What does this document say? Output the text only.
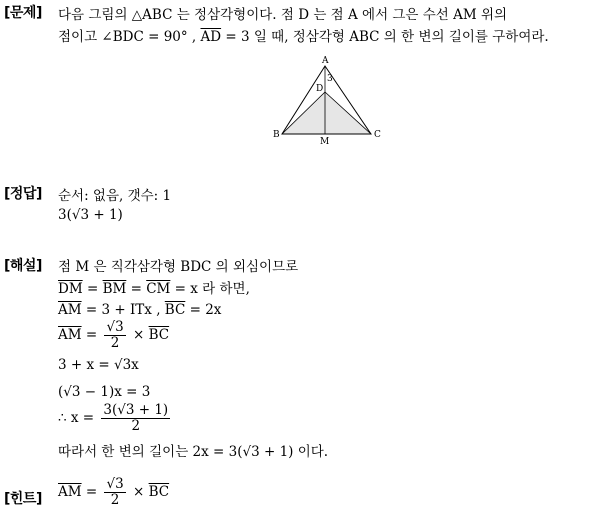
[문제] 다음 그림의 △ABC 는 정삼각형이다. 점 D 는 점 A 에서 그은 수선 AM 위의
점이고 ∠BDC = 90° , $\overline{AD} = 3$ 일 때, 정삼각형 ABC 의 한 변의 길이를 구하여라.
A
B	C
D
M
3
[정답] 순서: 없음, 갯수: 1
3(√3 + 1)
[해설] 점 M 은 직각삼각형 BDC 의 외심이므로
$\overline{DM} = \overline{BM} = \overline{CM} = x$ 라 하면,
$\overline{AM} = 3$ + ITx , $\overline{BC} = 2x$
$\overline{AM} = \frac{√3}{2} \times \overline{BC}$
3 + x = √3x
(√3 − 1)x = 3
∴ $x = \frac{3(√3 + 1)}{2}$
따라서 한 변의 길이는 2x = 3(√3 + 1) 이다.
[힌트] $\overline{AM} = \frac{√3}{2} \times \overline{BC}$
